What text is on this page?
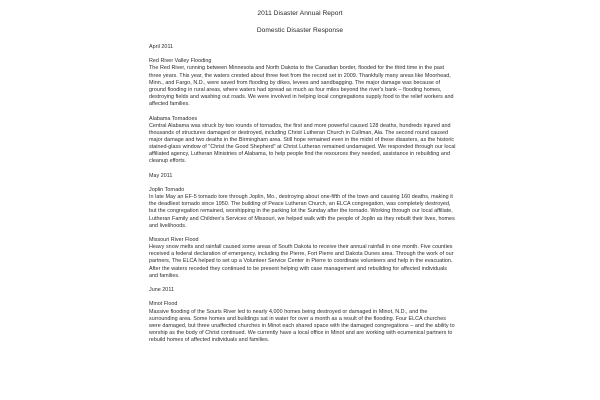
2011 Disaster Annual Report
Domestic Disaster Response
April 2011
Red River Valley Flooding
The Red River, running between Minnesota and North Dakota to the Canadian border, flooded for the third time in the past three years. This year, the waters crested about three feet from the record set in 2009. Thankfully many areas like Moorhead, Minn., and Fargo, N.D., were saved from flooding by dikes, levees and sandbagging. The major damage was because of ground flooding in rural areas, where waters had spread as much as four miles beyond the river's bank – flooding homes, destroying fields and washing out roads. We were involved in helping local congregations supply food to the relief workers and affected families.
Alabama Tornadoes
Central Alabama was struck by two rounds of tornados, the first and more powerful caused 128 deaths, hundreds injured and thousands of structures damaged or destroyed, including Christ Lutheran Church in Cullman, Ala. The second round caused major damage and two deaths in the Birmingham area. Still hope remained even in the midst of these disasters, as the historic stained-glass window of "Christ the Good Shepherd" at Christ Lutheran remained undamaged. We responded through our local affiliated agency, Lutheran Ministries of Alabama, to help people find the resources they needed, assistance in rebuilding and cleanup efforts.
May 2011
Joplin Tornado
In late May an EF-5 tornado tore through Joplin, Mo., destroying about one-fifth of the town and causing 160 deaths, making it the deadliest tornado since 1950. The building of Peace Lutheran Church, an ELCA congregation, was completely destroyed, but the congregation remained, worshipping in the parking lot the Sunday after the tornado. Working through our local affiliate, Lutheran Family and Children's Services of Missouri, we helped walk with the people of Joplin as they rebuilt their lives, homes and livelihoods.
Missouri River Flood
Heavy snow melts and rainfall caused some areas of South Dakota to receive their annual rainfall in one month. Five counties received a federal declaration of emergency, including the Pierre, Fort Pierre and Dakota Dunes area. Through the work of our partners, The ELCA helped to set up a Volunteer Service Center in Pierre to coordinate volunteers and help in the evacuation. After the waters receded they continued to be present helping with case management and rebuilding for affected individuals and families.
June 2011
Minot Flood
Massive flooding of the Souris River led to nearly 4,000 homes being destroyed or damaged in Minot, N.D., and the surrounding area. Some homes and buildings sat in water for over a month as a result of the flooding. Four ELCA churches were damaged, but three unaffected churches in Minot each shared space with the damaged congregations – and the ability to worship as the body of Christ continued. We currently have a local office in Minot and are working with ecumenical partners to rebuild homes of affected individuals and families.
